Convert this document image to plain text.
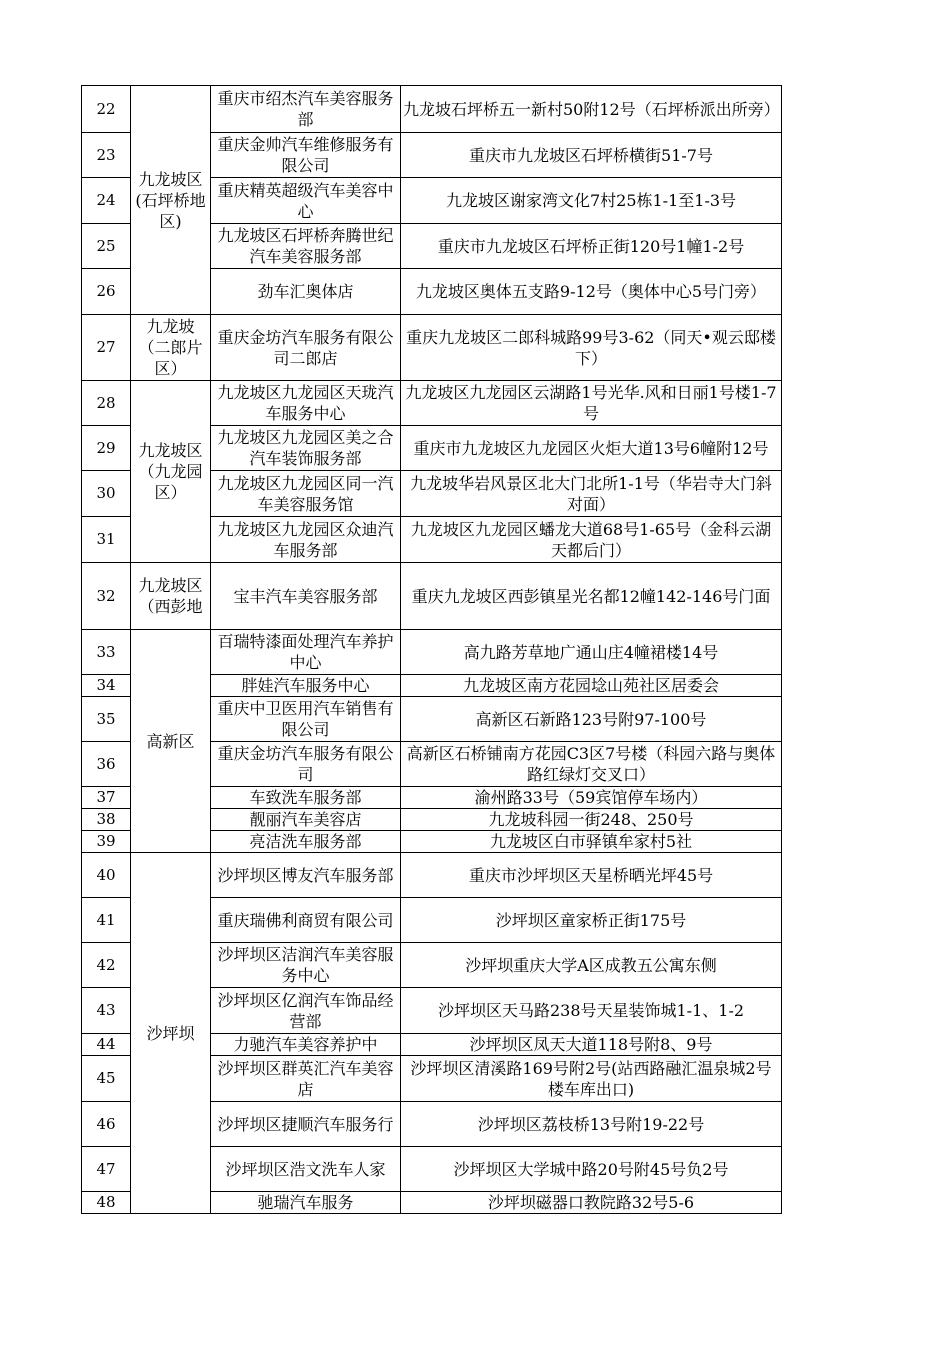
22	九龙坡区(石坪桥地区)	重庆市绍杰汽车美容服务部	九龙坡石坪桥五一新村50附12号（石坪桥派出所旁）
23		重庆金帅汽车维修服务有限公司	重庆市九龙坡区石坪桥横街51-7号
24		重庆精英超级汽车美容中心	九龙坡区谢家湾文化7村25栋1-1至1-3号
25		九龙坡区石坪桥奔腾世纪汽车美容服务部	重庆市九龙坡区石坪桥正街120号1幢1-2号
26		劲车汇奥体店	九龙坡区奥体五支路9-12号（奥体中心5号门旁）
27	九龙坡（二郎片区）	重庆金坊汽车服务有限公司二郎店	重庆九龙坡区二郎科城路99号3-62（同天•观云邸楼下）
28	九龙坡区（九龙园区）	九龙坡区九龙园区天珑汽车服务中心	九龙坡区九龙园区云湖路1号光华.风和日丽1号楼1-7号
29		九龙坡区九龙园区美之合汽车装饰服务部	重庆市九龙坡区九龙园区火炬大道13号6幢附12号
30		九龙坡区九龙园区同一汽车美容服务馆	九龙坡华岩风景区北大门北所1-1号（华岩寺大门斜对面）
31		九龙坡区九龙园区众迪汽车服务部	九龙坡区九龙园区蟠龙大道68号1-65号（金科云湖天都后门）
32	九龙坡区（西彭地	宝丰汽车美容服务部	重庆九龙坡区西彭镇星光名都12幢142-146号门面
33	高新区	百瑞特漆面处理汽车养护中心	高九路芳草地广通山庄4幢裙楼14号
34		胖娃汽车服务中心	九龙坡区南方花园埝山苑社区居委会
35		重庆中卫医用汽车销售有限公司	高新区石新路123号附97-100号
36		重庆金坊汽车服务有限公司	高新区石桥铺南方花园C3区7号楼（科园六路与奥体路红绿灯交叉口）
37		车致洗车服务部	渝州路33号（59宾馆停车场内）
38		靓丽汽车美容店	九龙坡科园一街248、250号
39		亮洁洗车服务部	九龙坡区白市驿镇牟家村5社
40	沙坪坝	沙坪坝区博友汽车服务部	重庆市沙坪坝区天星桥晒光坪45号
41		重庆瑞佛利商贸有限公司	沙坪坝区童家桥正街175号
42		沙坪坝区洁润汽车美容服务中心	沙坪坝重庆大学A区成教五公寓东侧
43		沙坪坝区亿润汽车饰品经营部	沙坪坝区天马路238号天星装饰城1-1、1-2
44		力驰汽车美容养护中	沙坪坝区凤天大道118号附8、9号
45		沙坪坝区群英汇汽车美容店	沙坪坝区清溪路169号附2号(站西路融汇温泉城2号楼车库出口)
46		沙坪坝区捷顺汽车服务行	沙坪坝区荔枝桥13号附19-22号
47		沙坪坝区浩文洗车人家	沙坪坝区大学城中路20号附45号负2号
48		驰瑞汽车服务	沙坪坝磁器口教院路32号5-6
